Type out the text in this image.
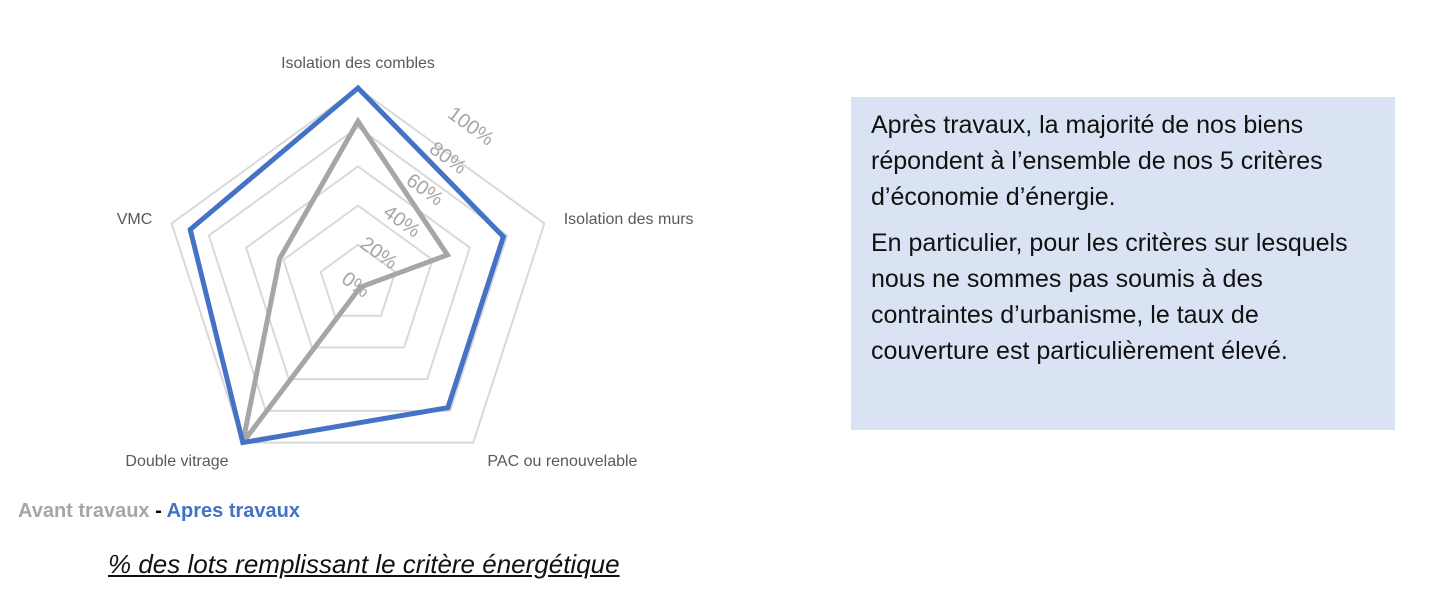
0%
20%
40%
60%
80%
100%
Isolation des combles
Isolation des murs
PAC ou renouvelable
Double vitrage
VMC
Avant travaux - Apres travaux
% des lots remplissant le critère énergétique

Après travaux, la majorité de nos biens répondent à l’ensemble de nos 5 critères d’économie d’énergie.

En particulier, pour les critères sur lesquels nous ne sommes pas soumis à des contraintes d’urbanisme, le taux de couverture est particulièrement élevé.
